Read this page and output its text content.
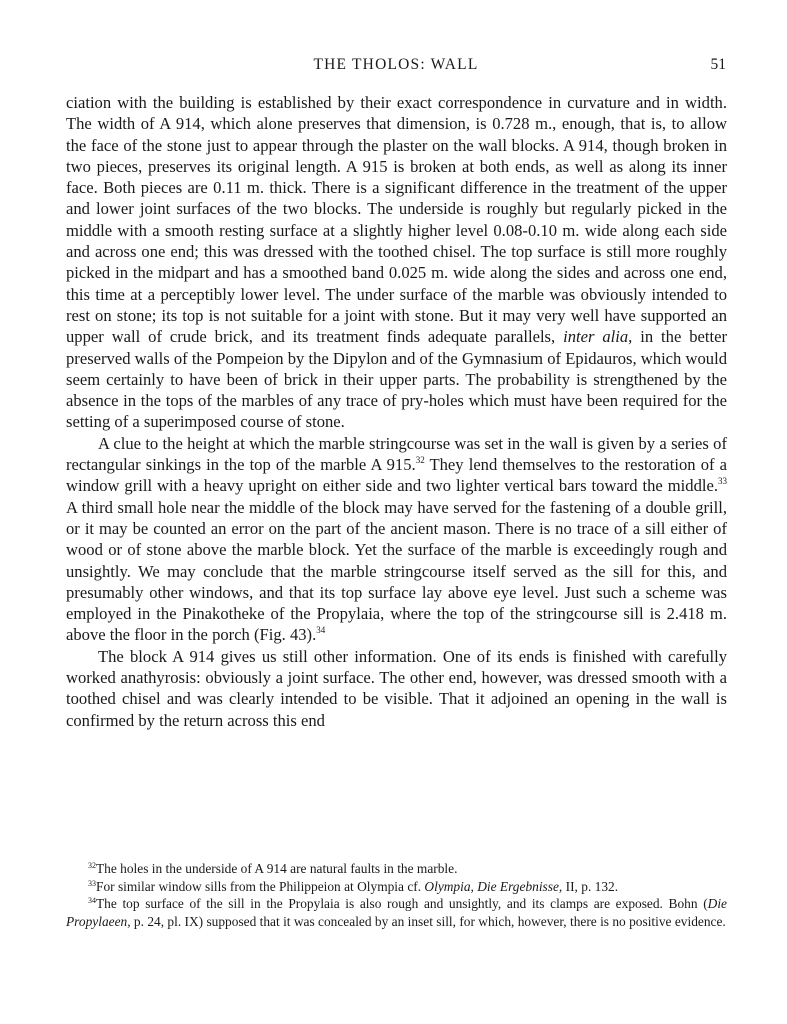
THE THOLOS: WALL	51

ciation with the building is established by their exact correspondence in curvature and in width. The width of A 914, which alone preserves that dimension, is 0.728 m., enough, that is, to allow the face of the stone just to appear through the plaster on the wall blocks. A 914, though broken in two pieces, preserves its original length. A 915 is broken at both ends, as well as along its inner face. Both pieces are 0.11 m. thick. There is a significant difference in the treatment of the upper and lower joint surfaces of the two blocks. The underside is roughly but regularly picked in the middle with a smooth resting surface at a slightly higher level 0.08-0.10 m. wide along each side and across one end; this was dressed with the toothed chisel. The top surface is still more roughly picked in the midpart and has a smoothed band 0.025 m. wide along the sides and across one end, this time at a perceptibly lower level. The under surface of the marble was obviously intended to rest on stone; its top is not suitable for a joint with stone. But it may very well have supported an upper wall of crude brick, and its treatment finds adequate parallels, inter alia, in the better preserved walls of the Pompeion by the Dipylon and of the Gymnasium of Epidauros, which would seem certainly to have been of brick in their upper parts. The probability is strengthened by the absence in the tops of the marbles of any trace of pry-holes which must have been required for the setting of a superimposed course of stone.

A clue to the height at which the marble stringcourse was set in the wall is given by a series of rectangular sinkings in the top of the marble A 915.32 They lend themselves to the restoration of a window grill with a heavy upright on either side and two lighter vertical bars toward the middle.$^{33}$ A third small hole near the middle of the block may have served for the fastening of a double grill, or it may be counted an error on the part of the ancient mason. There is no trace of a sill either of wood or of stone above the marble block. Yet the surface of the marble is exceedingly rough and unsightly. We may conclude that the marble stringcourse itself served as the sill for this, and presumably other windows, and that its top surface lay above eye level. Just such a scheme was employed in the Pinakotheke of the Propylaia, where the top of the stringcourse sill is 2.418 m. above the floor in the porch (Fig. 43).$^{34}$

The block A 914 gives us still other information. One of its ends is finished with carefully worked anathyrosis: obviously a joint surface. The other end, however, was dressed smooth with a toothed chisel and was clearly intended to be visible. That it adjoined an opening in the wall is confirmed by the return across this end

$^{32}$The holes in the underside of A 914 are natural faults in the marble.

$^{33}$For similar window sills from the Philippeion at Olympia cf. Olympia, Die Ergebnisse, II, p. 132.

$^{34}$The top surface of the sill in the Propylaia is also rough and unsightly, and its clamps are exposed. Bohn (Die Propylaeen, p. 24, pl. IX) supposed that it was concealed by an inset sill, for which, however, there is no positive evidence.
